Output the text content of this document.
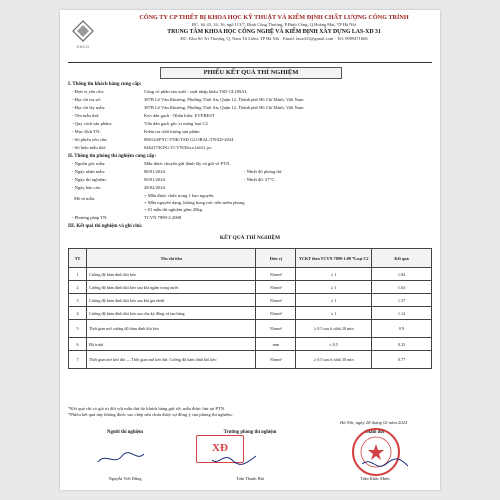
KNCO
CÔNG TY CP THIẾT BỊ KHOA HỌC KỸ THUẬT VÀ KIỂM ĐỊNH CHẤT LƯỢNG CÔNG TRÌNH
ĐC: Số 43, 16, 16, ngõ 113/7, Định Công Thượng, P.Định Công, Q.Hoàng Mai, TP Hà Nội
TRUNG TÂM KHOA HỌC CÔNG NGHỆ VÀ KIỂM ĐỊNH XÂY DỰNG LAS-XD 31
ĐC: Khu Số Trì Thượng, Q. Nam Từ Liêm, TP Hà Nội · Email: lasxd31@gmail.com · Tel: 0989471666
PHIẾU KẾT QUẢ THÍ NGHIỆM
I. Thông tin khách hàng cung cấp:
- Đơn vị yêu cầu:	Công cổ phần sản xuất - xuất nhập khẩu TSD GLOBAL
- Địa chỉ trụ sở:	387B Lê Văn Khương, Phường Thới An, Quận 12, Thành phố Hồ Chí Minh, Việt Nam
- Địa chỉ lấy mẫu:	387B Lê Văn Khương, Phường Thới An, Quận 12, Thành phố Hồ Chí Minh, Việt Nam
- Tên mẫu thử:	Keo dán gạch - Nhãn hiệu: EVEREST
- Quy cách sản phẩm:	Vữa dán gạch gốc xi măng loại C2
- Mục đích TN:	Kiểm tra chất lượng sản phẩm
- Số phiếu yêu cầu:	080124/PYC-TNK/TSD GLOBAL/TNXD-2024
- Số hiệu mẫu thử:	046227/KDG-TCVN/Etico.lab31.jsc
II. Thông tin phòng thí nghiệm cung cấp:
- Nguồn gốc mẫu:	Mẫu được chuyển gửi đánh lấy và gửi về PTN.
- Ngày nhận mẫu:	08/01/2024	- Nhiệt độ phòng thí:
- Ngày thí nghiệm:	09/01/2024	- Nhiệt độ: 27°C
- Ngày báo cáo:	28/02/2024
Mô tả mẫu:
+ Mẫu được chứa trong 1 bao nguyên.
+ Mẫu nguyên dạng, không bong tróc trên niêm phong
+ 01 mẫu thí nghiệm gồm 20kg.
- Phương pháp TN:	TCVN 7899-2:2008
III. Kết quả thí nghiệm và ghi chú:
KẾT QUẢ THÍ NGHIỆM
TT	Tên chỉ tiêu	Đơn vị	YCKT theo TCVN 7899-1:08 *Loại C2	Kết quả
1	Cường độ bám dính khi kéo	N/mm²	≥ 1	1.84
2	Cường độ bám dính khi kéo sau khi ngâm trong nước	N/mm²	≥ 1	1.63
3	Cường độ bám dính khi kéo sau khi gia nhiệt	N/mm²	≥ 1	1.37
4	Cường độ bám dính khi kéo sau chu kỳ đông và tan băng	N/mm²	≥ 1	1.12
5	Thời gian mở cường độ bám dính khi kéo	N/mm²	≥ 0.5 sau ít nhất 20 min	0.9
6	Độ trượt	mm	≤ 0.5	0.32
7	Thời gian mở kéo dài — Thời gian mở kéo dài: Cường độ bám dính khi kéo	N/mm²	≥ 0.5 sau ít nhất 30 min	0.77
*Kết quả chỉ có giá trị đối với mẫu thử do khách hàng gửi tới, mẫu được lưu tại PTN.
*Phiếu kết quả này không được sao chép nếu chưa được sự đồng ý của phòng thí nghiệm.
Hà Nội, ngày 28 tháng 02 năm 2024
Người thí nghiệm	Trưởng phòng thí nghiệm	Giám đốc
XĐ
Nguyễn Viết Dũng	Trần Thanh Hải	Trần Khắc Minh
